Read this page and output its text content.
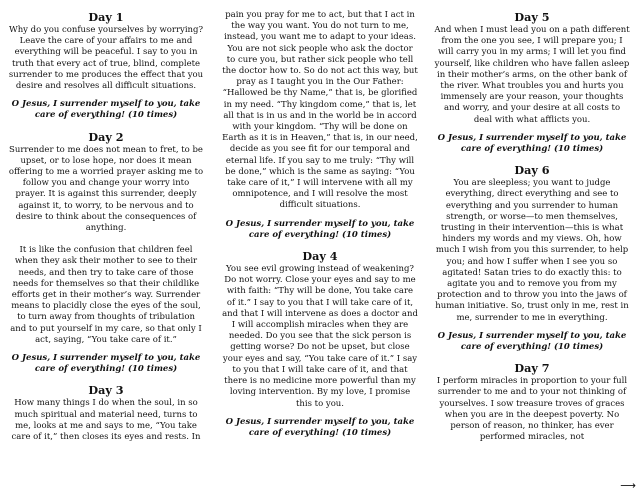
Day 1
Why do you confuse yourselves by worrying? Leave the care of your affairs to me and everything will be peaceful. I say to you in truth that every act of true, blind, complete surrender to me produces the effect that you desire and resolves all difficult situations.
O Jesus, I surrender myself to you, take care of everything! (10 times)
Day 2
Surrender to me does not mean to fret, to be upset, or to lose hope, nor does it mean offering to me a worried prayer asking me to follow you and change your worry into prayer. It is against this surrender, deeply against it, to worry, to be nervous and to desire to think about the consequences of anything.
It is like the confusion that children feel when they ask their mother to see to their needs, and then try to take care of those needs for themselves so that their childlike efforts get in their mother’s way. Surrender means to placidly close the eyes of the soul, to turn away from thoughts of tribulation and to put yourself in my care, so that only I act, saying, “You take care of it.”
O Jesus, I surrender myself to you, take care of everything! (10 times)
Day 3
How many things I do when the soul, in so much spiritual and material need, turns to me, looks at me and says to me, “You take care of it,” then closes its eyes and rests. In
pain you pray for me to act, but that I act in the way you want. You do not turn to me, instead, you want me to adapt to your ideas. You are not sick people who ask the doctor to cure you, but rather sick people who tell the doctor how to. So do not act this way, but pray as I taught you in the Our Father: “Hallowed be thy Name,” that is, be glorified in my need. “Thy kingdom come,” that is, let all that is in us and in the world be in accord with your kingdom. “Thy will be done on Earth as it is in Heaven,” that is, in our need, decide as you see fit for our temporal and eternal life. If you say to me truly: “Thy will be done,” which is the same as saying: “You take care of it,” I will intervene with all my omnipotence, and I will resolve the most difficult situations.
O Jesus, I surrender myself to you, take care of everything! (10 times)
Day 4
You see evil growing instead of weakening? Do not worry. Close your eyes and say to me with faith: “Thy will be done, You take care of it.” I say to you that I will take care of it, and that I will intervene as does a doctor and I will accomplish miracles when they are needed. Do you see that the sick person is getting worse? Do not be upset, but close your eyes and say, “You take care of it.” I say to you that I will take care of it, and that there is no medicine more powerful than my loving intervention. By my love, I promise this to you.
O Jesus, I surrender myself to you, take care of everything! (10 times)
Day 5
And when I must lead you on a path different from the one you see, I will prepare you; I will carry you in my arms; I will let you find yourself, like children who have fallen asleep in their mother’s arms, on the other bank of the river. What troubles you and hurts you immensely are your reason, your thoughts and worry, and your desire at all costs to deal with what afflicts you.
O Jesus, I surrender myself to you, take care of everything! (10 times)
Day 6
You are sleepless; you want to judge everything, direct everything and see to everything and you surrender to human strength, or worse—to men themselves, trusting in their intervention—this is what hinders my words and my views. Oh, how much I wish from you this surrender, to help you; and how I suffer when I see you so agitated! Satan tries to do exactly this: to agitate you and to remove you from my protection and to throw you into the jaws of human initiative. So, trust only in me, rest in me, surrender to me in everything.
O Jesus, I surrender myself to you, take care of everything! (10 times)
Day 7
I perform miracles in proportion to your full surrender to me and to your not thinking of yourselves. I sow treasure troves of graces when you are in the deepest poverty. No person of reason, no thinker, has ever performed miracles, not
⟶
